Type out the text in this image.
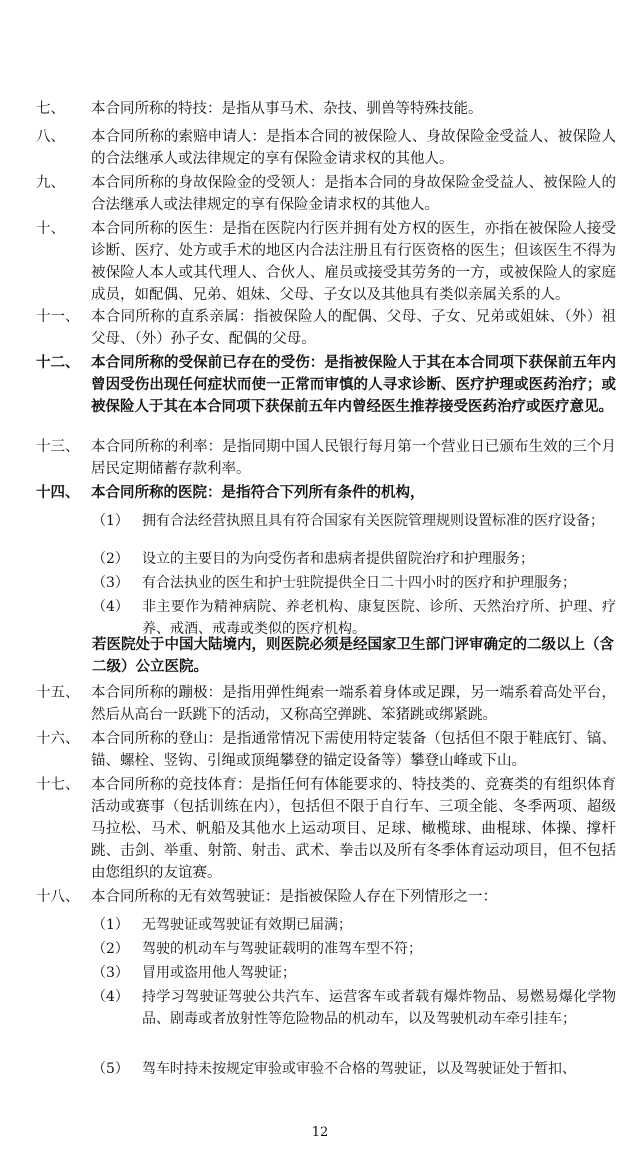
七、	本合同所称的特技：是指从事马术、杂技、驯兽等特殊技能。
八、	本合同所称的索赔申请人：是指本合同的被保险人、身故保险金受益人、被保险人的合法继承人或法律规定的享有保险金请求权的其他人。
九、	本合同所称的身故保险金的受领人：是指本合同的身故保险金受益人、被保险人的合法继承人或法律规定的享有保险金请求权的其他人。
十、	本合同所称的医生：是指在医院内行医并拥有处方权的医生，亦指在被保险人接受诊断、医疗、处方或手术的地区内合法注册且有行医资格的医生；但该医生不得为被保险人本人或其代理人、合伙人、雇员或接受其劳务的一方，或被保险人的家庭成员，如配偶、兄弟、姐妹、父母、子女以及其他具有类似亲属关系的人。
十一、 本合同所称的直系亲属：指被保险人的配偶、父母、子女、兄弟或姐妹、（外）祖父母、（外）孙子女、配偶的父母。
十二、 本合同所称的受保前已存在的受伤：是指被保险人于其在本合同项下获保前五年内曾因受伤出现任何症状而使一正常而审慎的人寻求诊断、医疗护理或医药治疗；或被保险人于其在本合同项下获保前五年内曾经医生推荐接受医药治疗或医疗意见。
十三、 本合同所称的利率：是指同期中国人民银行每月第一个营业日已颁布生效的三个月居民定期储蓄存款利率。
十四、 本合同所称的医院：是指符合下列所有条件的机构，
（1） 拥有合法经营执照且具有符合国家有关医院管理规则设置标准的医疗设备；
（2） 设立的主要目的为向受伤者和患病者提供留院治疗和护理服务；
（3） 有合法执业的医生和护士驻院提供全日二十四小时的医疗和护理服务；
（4） 非主要作为精神病院、养老机构、康复医院、诊所、天然治疗所、护理、疗养、戒酒、戒毒或类似的医疗机构。
若医院处于中国大陆境内，则医院必须是经国家卫生部门评审确定的二级以上（含二级）公立医院。
十五、 本合同所称的蹦极：是指用弹性绳索一端系着身体或足踝，另一端系着高处平台，然后从高台一跃跳下的活动，又称高空弹跳、笨猪跳或绑紧跳。
十六、 本合同所称的登山：是指通常情况下需使用特定装备（包括但不限于鞋底钉、镐、锚、螺栓、竖钩、引绳或顶绳攀登的锚定设备等）攀登山峰或下山。
十七、 本合同所称的竞技体育：是指任何有体能要求的、特技类的、竞赛类的有组织体育活动或赛事（包括训练在内），包括但不限于自行车、三项全能、冬季两项、超级马拉松、马术、帆船及其他水上运动项目、足球、橄榄球、曲棍球、体操、撑杆跳、击剑、举重、射箭、射击、武术、拳击以及所有冬季体育运动项目，但不包括由您组织的友谊赛。
十八、 本合同所称的无有效驾驶证：是指被保险人存在下列情形之一：
（1） 无驾驶证或驾驶证有效期已届满；
（2） 驾驶的机动车与驾驶证载明的准驾车型不符；
（3） 冒用或盗用他人驾驶证；
（4） 持学习驾驶证驾驶公共汽车、运营客车或者载有爆炸物品、易燃易爆化学物品、剧毒或者放射性等危险物品的机动车，以及驾驶机动车牵引挂车；
（5） 驾车时持未按规定审验或审验不合格的驾驶证，以及驾驶证处于暂扣、
12
